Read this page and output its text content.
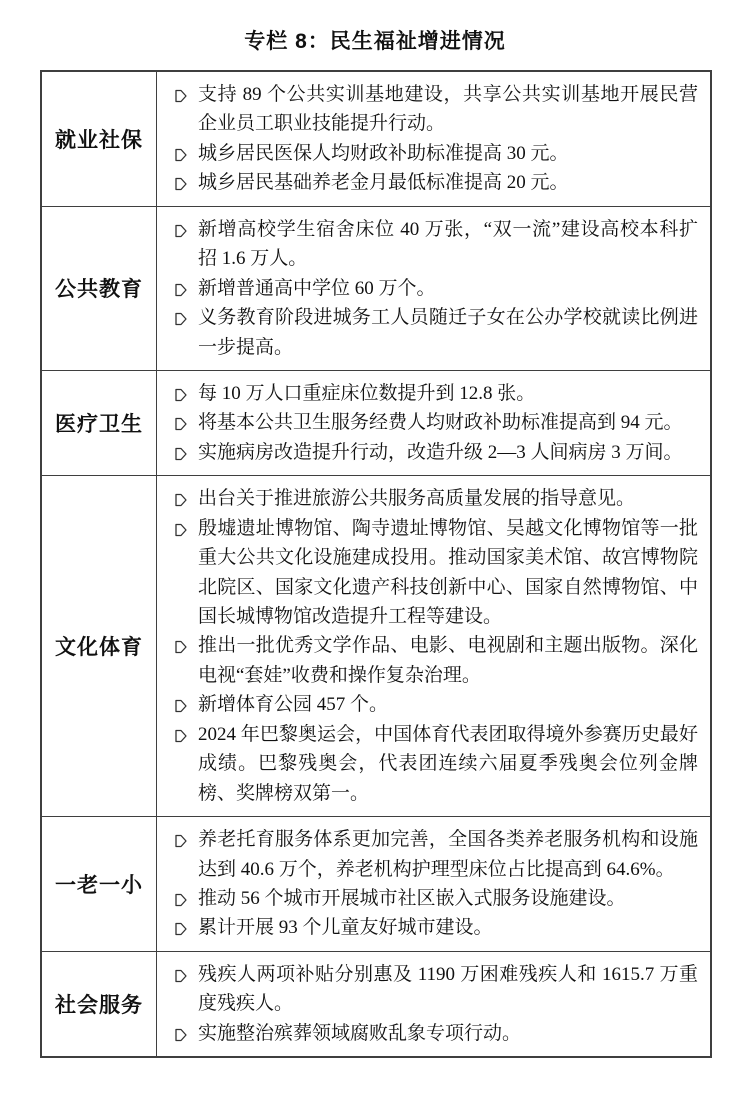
专栏 8：民生福祉增进情况
就业社保
支持 89 个公共实训基地建设，共享公共实训基地开展民营企业员工职业技能提升行动。
城乡居民医保人均财政补助标准提高 30 元。
城乡居民基础养老金月最低标准提高 20 元。
公共教育
新增高校学生宿舍床位 40 万张，“双一流”建设高校本科扩招 1.6 万人。
新增普通高中学位 60 万个。
义务教育阶段进城务工人员随迁子女在公办学校就读比例进一步提高。
医疗卫生
每 10 万人口重症床位数提升到 12.8 张。
将基本公共卫生服务经费人均财政补助标准提高到 94 元。
实施病房改造提升行动，改造升级 2—3 人间病房 3 万间。
文化体育
出台关于推进旅游公共服务高质量发展的指导意见。
殷墟遗址博物馆、陶寺遗址博物馆、吴越文化博物馆等一批重大公共文化设施建成投用。推动国家美术馆、故宫博物院北院区、国家文化遗产科技创新中心、国家自然博物馆、中国长城博物馆改造提升工程等建设。
推出一批优秀文学作品、电影、电视剧和主题出版物。深化电视“套娃”收费和操作复杂治理。
新增体育公园 457 个。
2024 年巴黎奥运会，中国体育代表团取得境外参赛历史最好成绩。巴黎残奥会，代表团连续六届夏季残奥会位列金牌榜、奖牌榜双第一。
一老一小
养老托育服务体系更加完善，全国各类养老服务机构和设施达到 40.6 万个，养老机构护理型床位占比提高到 64.6%。
推动 56 个城市开展城市社区嵌入式服务设施建设。
累计开展 93 个儿童友好城市建设。
社会服务
残疾人两项补贴分别惠及 1190 万困难残疾人和 1615.7 万重度残疾人。
实施整治殡葬领域腐败乱象专项行动。
